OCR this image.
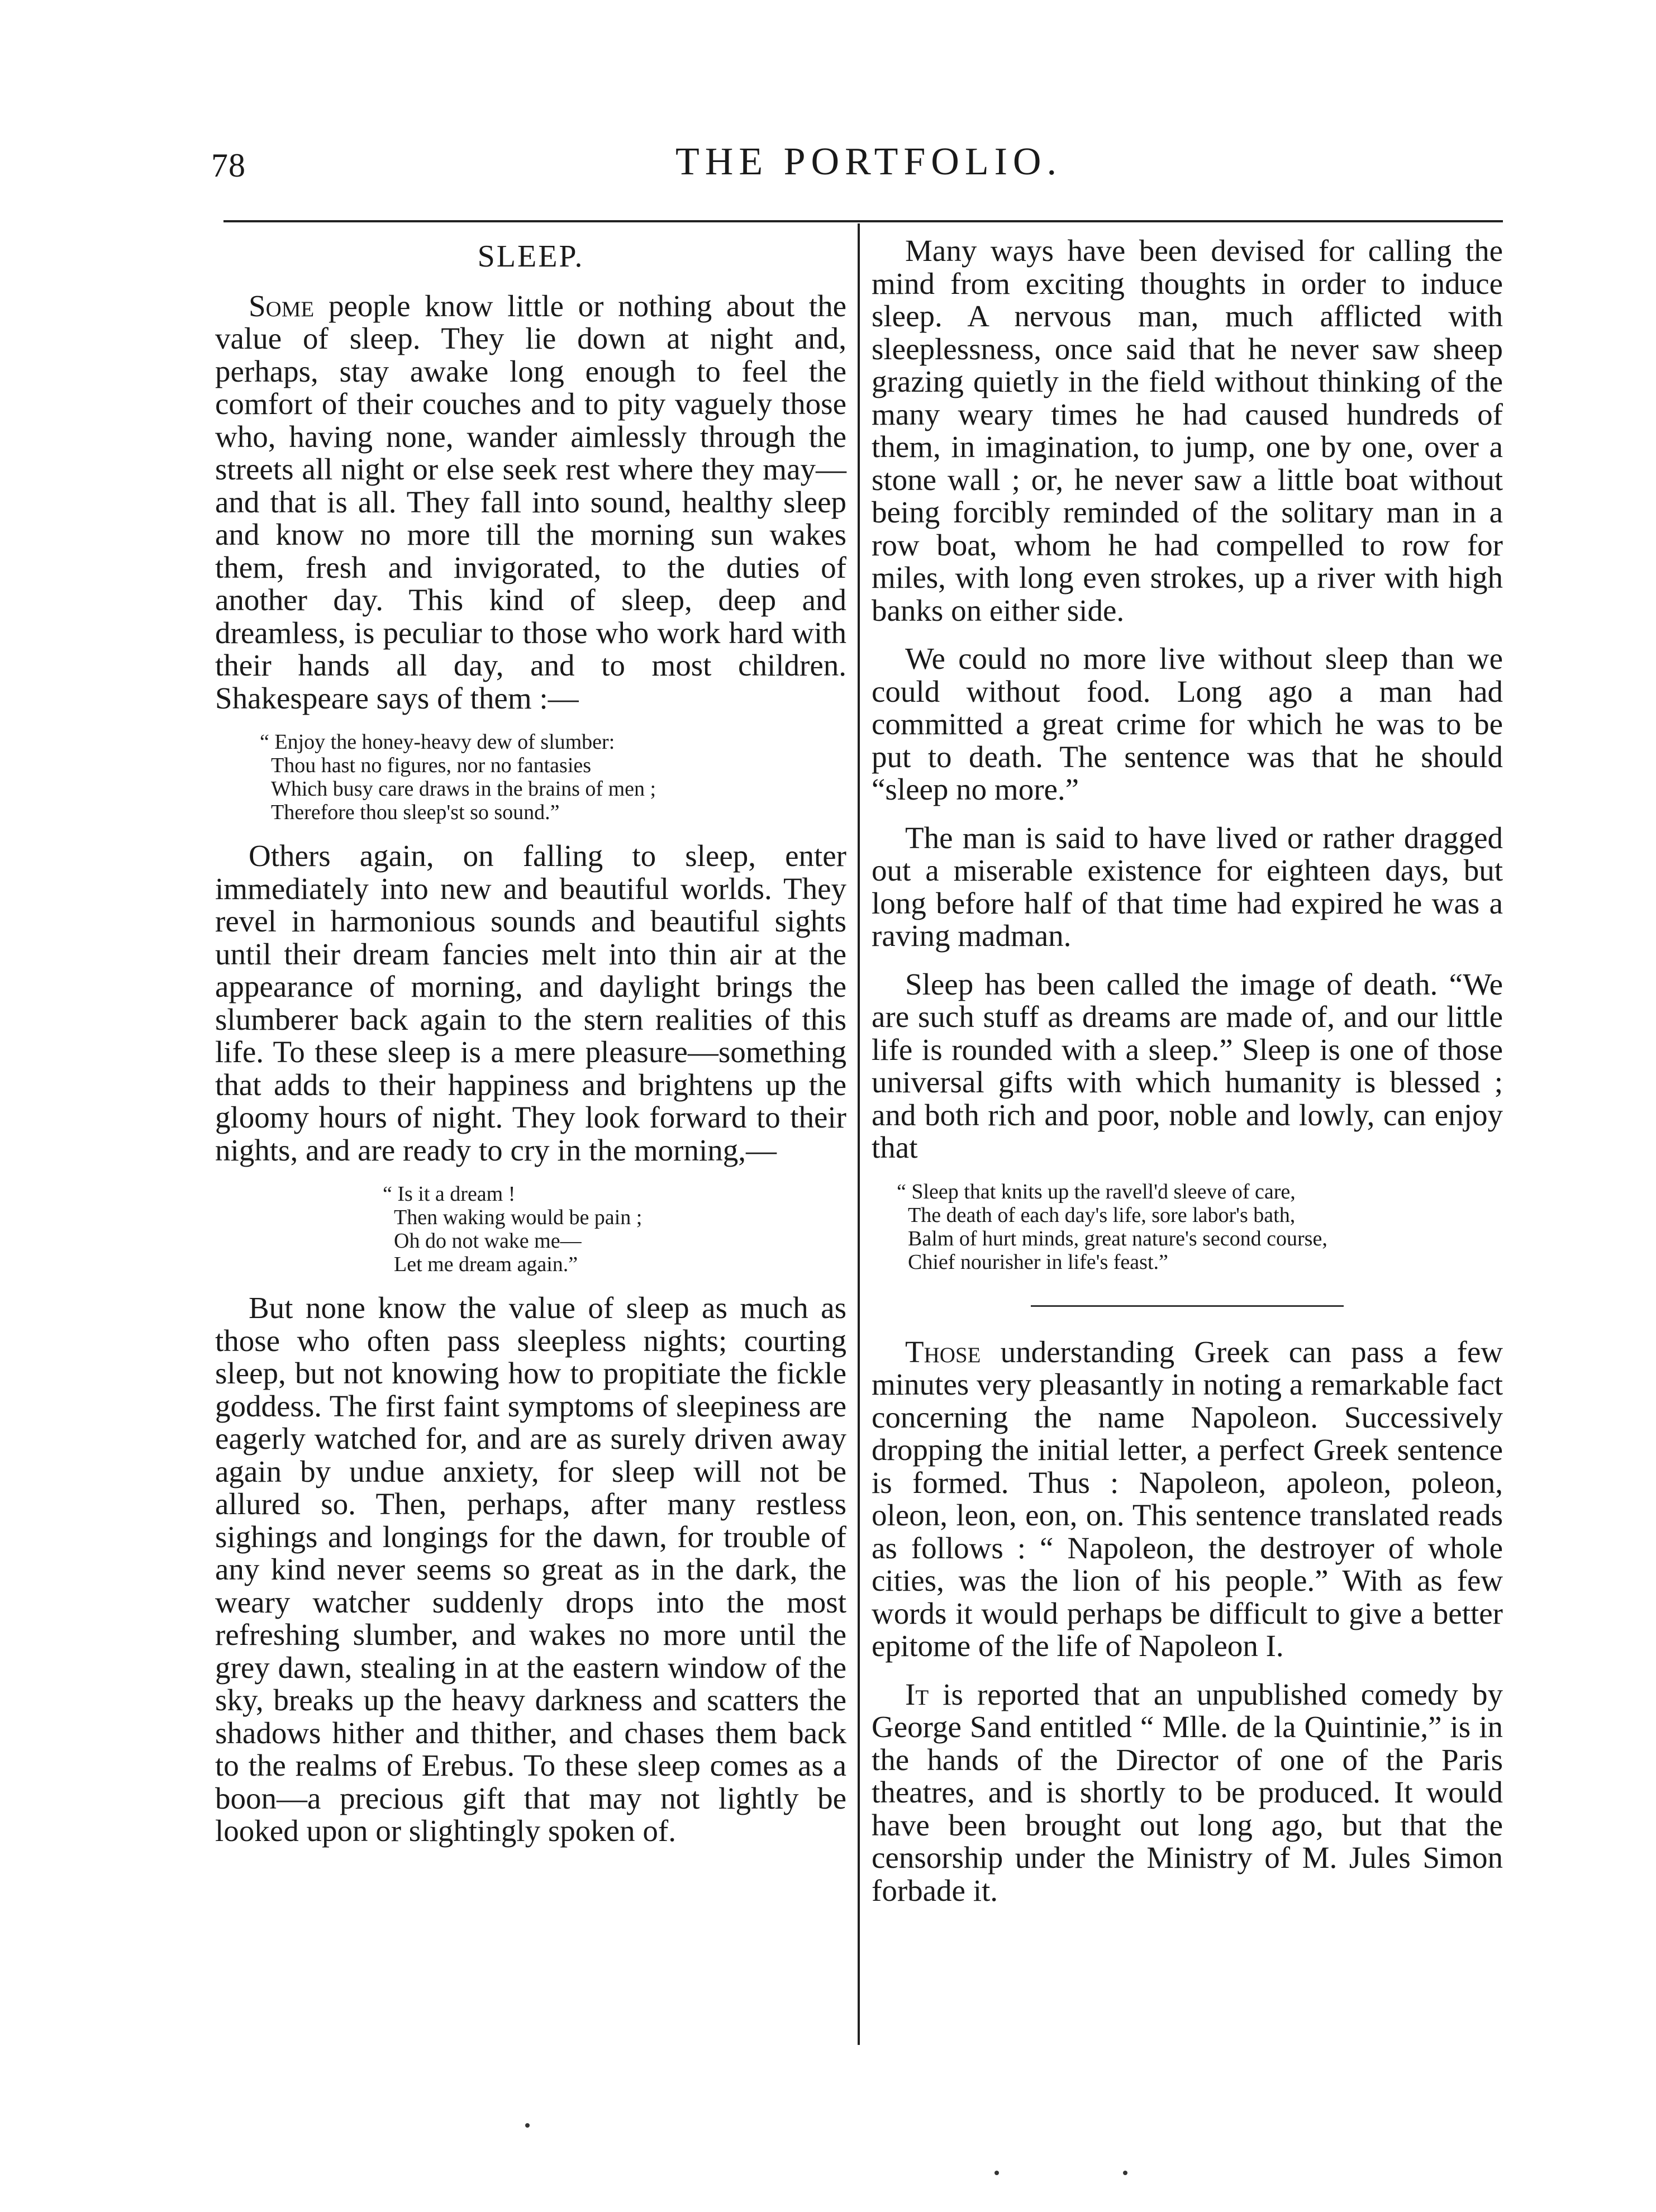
78	THE PORTFOLIO.
SLEEP.

Some people know little or nothing about the value of sleep. They lie down at night and, perhaps, stay awake long enough to feel the comfort of their couches and to pity vaguely those who, having none, wander aimlessly through the streets all night or else seek rest where they may—and that is all. They fall into sound, healthy sleep and know no more till the morning sun wakes them, fresh and invigorated, to the duties of another day. This kind of sleep, deep and dreamless, is peculiar to those who work hard with their hands all day, and to most children. Shakespeare says of them :—

“ Enjoy the honey-heavy dew of slumber:
Thou hast no figures, nor no fantasies
Which busy care draws in the brains of men ;
Therefore thou sleep'st so sound.”

Others again, on falling to sleep, enter immediately into new and beautiful worlds. They revel in harmonious sounds and beautiful sights until their dream fancies melt into thin air at the appearance of morning, and daylight brings the slumberer back again to the stern realities of this life. To these sleep is a mere pleasure—something that adds to their happiness and brightens up the gloomy hours of night. They look forward to their nights, and are ready to cry in the morning,—

“ Is it a dream !
Then waking would be pain ;
Oh do not wake me—
Let me dream again.”

But none know the value of sleep as much as those who often pass sleepless nights; courting sleep, but not knowing how to propitiate the fickle goddess. The first faint symptoms of sleepiness are eagerly watched for, and are as surely driven away again by undue anxiety, for sleep will not be allured so. Then, perhaps, after many restless sighings and longings for the dawn, for trouble of any kind never seems so great as in the dark, the weary watcher suddenly drops into the most refreshing slumber, and wakes no more until the grey dawn, stealing in at the eastern window of the sky, breaks up the heavy darkness and scatters the shadows hither and thither, and chases them back to the realms of Erebus. To these sleep comes as a boon—a precious gift that may not lightly be looked upon or slightingly spoken of.

Many ways have been devised for calling the mind from exciting thoughts in order to induce sleep. A nervous man, much afflicted with sleeplessness, once said that he never saw sheep grazing quietly in the field without thinking of the many weary times he had caused hundreds of them, in imagination, to jump, one by one, over a stone wall ; or, he never saw a little boat without being forcibly reminded of the solitary man in a row boat, whom he had compelled to row for miles, with long even strokes, up a river with high banks on either side.

We could no more live without sleep than we could without food. Long ago a man had committed a great crime for which he was to be put to death. The sentence was that he should “sleep no more.”

The man is said to have lived or rather dragged out a miserable existence for eighteen days, but long before half of that time had expired he was a raving madman.

Sleep has been called the image of death. “We are such stuff as dreams are made of, and our little life is rounded with a sleep.” Sleep is one of those universal gifts with which humanity is blessed ; and both rich and poor, noble and lowly, can enjoy that

“ Sleep that knits up the ravell'd sleeve of care,
The death of each day's life, sore labor's bath,
Balm of hurt minds, great nature's second course,
Chief nourisher in life's feast.”

Those understanding Greek can pass a few minutes very pleasantly in noting a remarkable fact concerning the name Napoleon. Successively dropping the initial letter, a perfect Greek sentence is formed. Thus : Napoleon, apoleon, poleon, oleon, leon, eon, on. This sentence translated reads as follows : “ Napoleon, the destroyer of whole cities, was the lion of his people.” With as few words it would perhaps be difficult to give a better epitome of the life of Napoleon I.

It is reported that an unpublished comedy by George Sand entitled “ Mlle. de la Quintinie,” is in the hands of the Director of one of the Paris theatres, and is shortly to be produced. It would have been brought out long ago, but that the censorship under the Ministry of M. Jules Simon forbade it.
